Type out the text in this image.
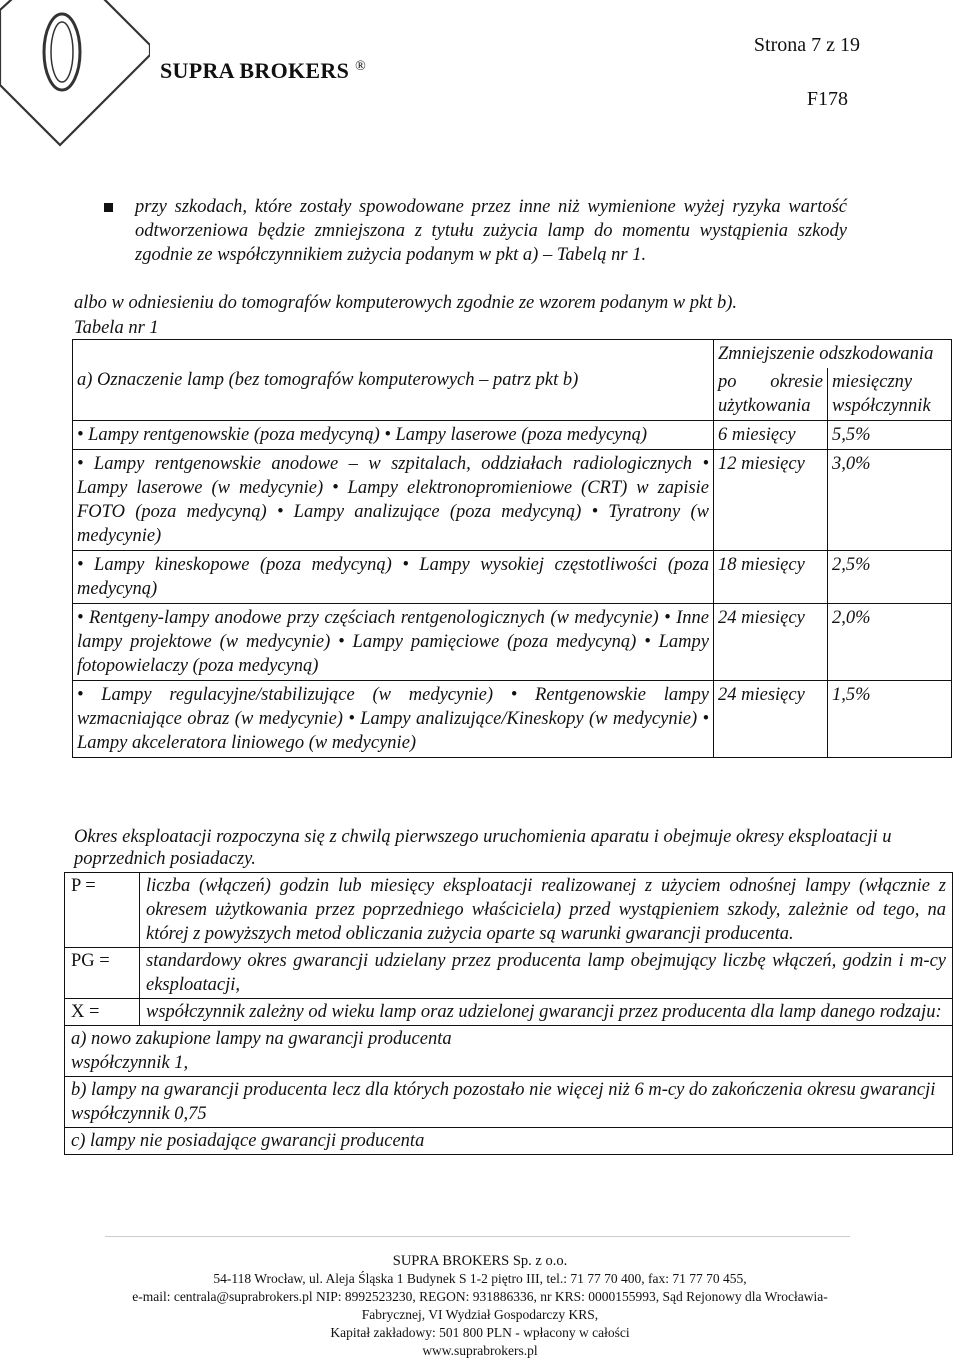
SUPRA BROKERS ®
Strona 7 z 19
F178
przy szkodach, które zostały spowodowane przez inne niż wymienione wyżej ryzyka wartość odtworzeniowa będzie zmniejszona z tytułu zużycia lamp do momentu wystąpienia szkody zgodnie ze współczynnikiem zużycia podanym w pkt a) – Tabelą nr 1.
albo w odniesieniu do tomografów komputerowych zgodnie ze wzorem podanym w pkt b).
Tabela nr 1
a) Oznaczenie lamp (bez tomografów komputerowych – patrz pkt b)	Zmniejszenie odszkodowania	

	po okresie użytkowania	miesięczny współczynnik
• Lampy rentgenowskie (poza medycyną) • Lampy laserowe (poza medycyną)	6 miesięcy	5,5%
• Lampy rentgenowskie anodowe – w szpitalach, oddziałach radiologicznych • Lampy laserowe (w medycynie) • Lampy elektronopromieniowe (CRT) w zapisie FOTO (poza medycyną) • Lampy analizujące (poza medycyną) • Tyratrony (w medycynie)	12 miesięcy	3,0%
• Lampy kineskopowe (poza medycyną) • Lampy wysokiej częstotliwości (poza medycyną)	18 miesięcy	2,5%
• Rentgeny-lampy anodowe przy częściach rentgenologicznych (w medycynie) • Inne lampy projektowe (w medycynie) • Lampy pamięciowe (poza medycyną) • Lampy fotopowielaczy (poza medycyną)	24 miesięcy	2,0%
• Lampy regulacyjne/stabilizujące (w medycynie) • Rentgenowskie lampy wzmacniające obraz (w medycynie) • Lampy analizujące/Kineskopy (w medycynie) • Lampy akceleratora liniowego (w medycynie)	24 miesięcy	1,5%
Okres eksploatacji rozpoczyna się z chwilą pierwszego uruchomienia aparatu i obejmuje okresy eksploatacji u poprzednich posiadaczy.
P =	liczba (włączeń) godzin lub miesięcy eksploatacji realizowanej z użyciem odnośnej lampy (włącznie z okresem użytkowania przez poprzedniego właściciela) przed wystąpieniem szkody, zależnie od tego, na której z powyższych metod obliczania zużycia oparte są warunki gwarancji producenta.
PG =	standardowy okres gwarancji udzielany przez producenta lamp obejmujący liczbę włączeń, godzin i m-cy eksploatacji,
X =	współczynnik zależny od wieku lamp oraz udzielonej gwarancji przez producenta dla lamp danego rodzaju:

a) nowo zakupione lampy na gwarancji producenta
współczynnik 1,	

b) lampy na gwarancji producenta lecz dla których pozostało nie więcej niż 6 m-cy do zakończenia okresu gwarancji
współczynnik 0,75	

c) lampy nie posiadające gwarancji producenta	
SUPRA BROKERS Sp. z o.o.
54-118 Wrocław, ul. Aleja Śląska 1 Budynek S 1-2 piętro III, tel.: 71 77 70 400, fax: 71 77 70 455,
e-mail: centrala@suprabrokers.pl NIP: 8992523230, REGON: 931886336, nr KRS: 0000155993, Sąd Rejonowy dla Wrocławia-
Fabrycznej, VI Wydział Gospodarczy KRS,
Kapitał zakładowy: 501 800 PLN - wpłacony w całości
www.suprabrokers.pl
